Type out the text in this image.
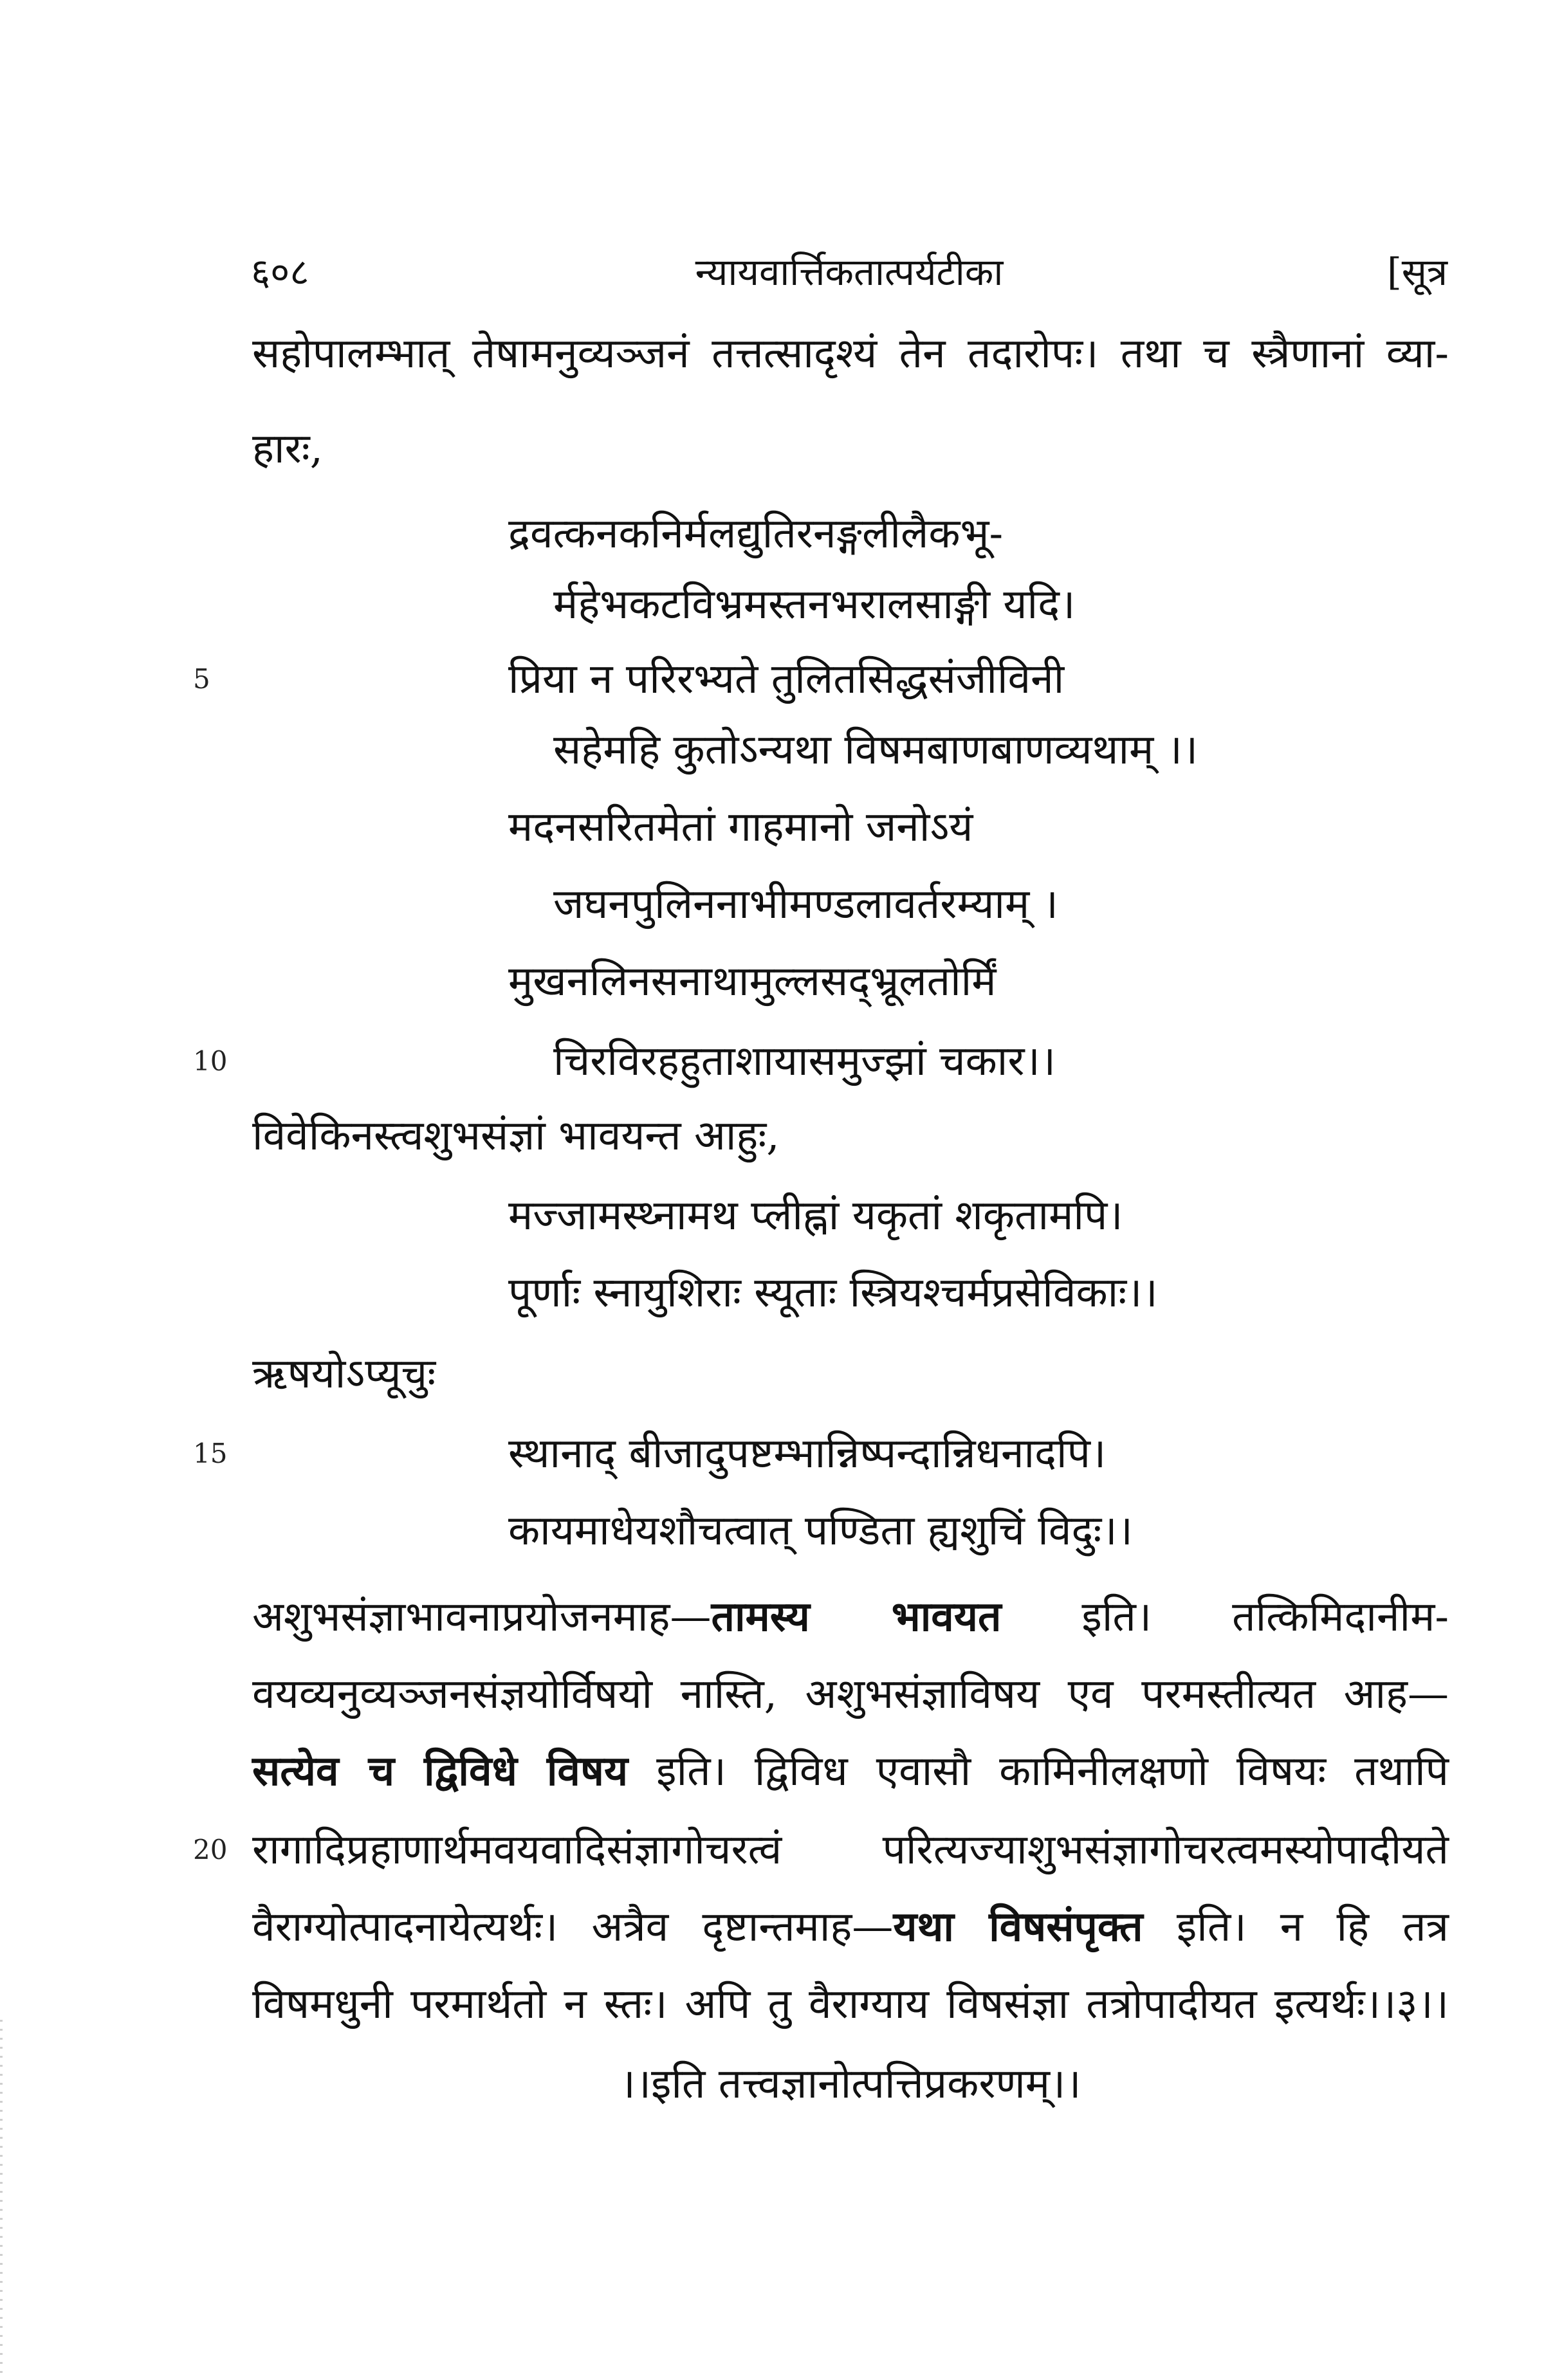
६०८	न्यायवार्त्तिकतात्पर्यटीका	[सूत्र
सहोपालम्भात् तेषामनुव्यञ्जनं तत्तत्सादृश्यं तेन तदारोपः। तथा च स्त्रैणानां व्या-
हारः,
द्रवत्कनकनिर्मलद्युतिरनङ्गलीलैकभू-
र्महेभकटविभ्रमस्तनभरालसाङ्गी यदि।
5	प्रिया न परिरभ्यते तुलितसिद्धसंजीविनी
सहेमहि कुतोऽन्यथा विषमबाणबाणव्यथाम् ।।
मदनसरितमेतां गाहमानो जनोऽयं
जघनपुलिननाभीमण्डलावर्तरम्याम् ।
मुखनलिनसनाथामुल्लसद्भ्रूलतोर्मिं
10	चिरविरहहुताशायासमुज्झां चकार।।
विवेकिनस्त्वशुभसंज्ञां भावयन्त आहुः,
मज्जामस्थ्नामथ प्लीह्नां यकृतां शकृतामपि।
पूर्णाः स्नायुशिराः स्यूताः स्त्रियश्चर्मप्रसेविकाः।।
ऋषयोऽप्यूचुः
15	स्थानाद् बीजादुपष्टम्भान्निष्पन्दान्निधनादपि।
कायमाधेयशौचत्वात् पण्डिता ह्यशुचिं विदुः।।
अशुभसंज्ञाभावनाप्रयोजनमाह—तामस्य भावयत इति। तत्किमिदानीम-
वयव्यनुव्यञ्जनसंज्ञयोर्विषयो नास्ति, अशुभसंज्ञाविषय एव परमस्तीत्यत आह—
सत्येव च द्विविधे विषय इति। द्विविध एवासौ कामिनीलक्षणो विषयः तथापि
20 रागादिप्रहाणार्थमवयवादिसंज्ञागोचरत्वं परित्यज्याशुभसंज्ञागोचरत्वमस्योपादीयते
वैराग्योत्पादनायेत्यर्थः। अत्रैव दृष्टान्तमाह—यथा विषसंपृक्त इति। न हि तत्र
विषमधुनी परमार्थतो न स्तः। अपि तु वैराग्याय विषसंज्ञा तत्रोपादीयत इत्यर्थः।।३।।
।।इति तत्त्वज्ञानोत्पत्तिप्रकरणम्।।
